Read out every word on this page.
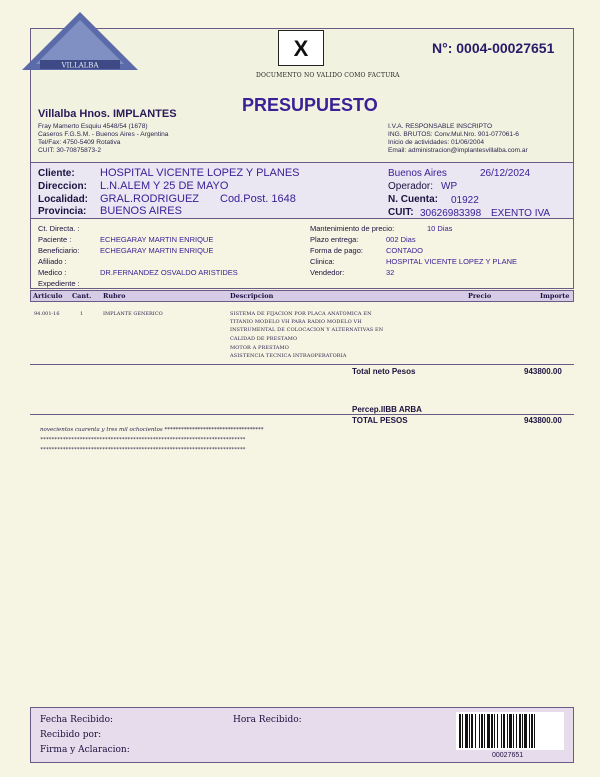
VILLALBA
X
DOCUMENTO NO VALIDO COMO FACTURA
N°: 0004-00027651
PRESUPUESTO
Villalba Hnos. IMPLANTES
Fray Mamerto Esquiu 4548/54 (1678)
Caseros F.G.S.M. - Buenos Aires - Argentina
Tel/Fax: 4750-5409 Rotativa
CUIT: 30-70875873-2
I.V.A. RESPONSABLE INSCRIPTO
ING. BRUTOS: Conv.Mul.Nro. 901-077061-6
Inicio de actividades: 01/06/2004
Email: administracion@implantesvillalba.com.ar
Cliente: HOSPITAL VICENTE LOPEZ Y PLANES
Direccion: L.N.ALEM Y 25 DE MAYO
Localidad: GRAL.RODRIGUEZ Cod.Post. 1648
Provincia: BUENOS AIRES
Buenos Aires	26/12/2024
Operador: WP
N. Cuenta: 01922
CUIT: 30626983398 EXENTO IVA
Ct. Directa. :
Paciente :	ECHEGARAY MARTIN ENRIQUE
Beneficiario:	ECHEGARAY MARTIN ENRIQUE
Afiliado :
Medico :	DR.FERNANDEZ OSVALDO ARISTIDES
Expediente :
Mantenimiento de precio:	10 Dias
Plazo entrega:	002 Dias
Forma de pago:	CONTADO
Clinica:	HOSPITAL VICENTE LOPEZ Y PLANE
Vendedor:	32
Articulo Cant. Rubro	Descripcion	Precio	Importe
94.001-16	1	IMPLANTE GENERICO	SISTEMA DE FIJACION POR PLACA ANATOMICA EN
TITANIO MODELO VH PARA RADIO MODELO VH
INSTRUMENTAL DE COLOCACION Y ALTERNATIVAS EN
CALIDAD DE PRESTAMO
MOTOR A PRESTAMO
ASISTENCIA TECNICA INTRAOPERATORIA
Total neto Pesos	943800.00
Percep.IIBB ARBA
TOTAL PESOS	943800.00
novecientos cuarenta y tres mil ochocientos ************************************
*************************************************************************
*************************************************************************
Fecha Recibido:	Hora Recibido:
Recibido por:
Firma y Aclaracion:
00027651
